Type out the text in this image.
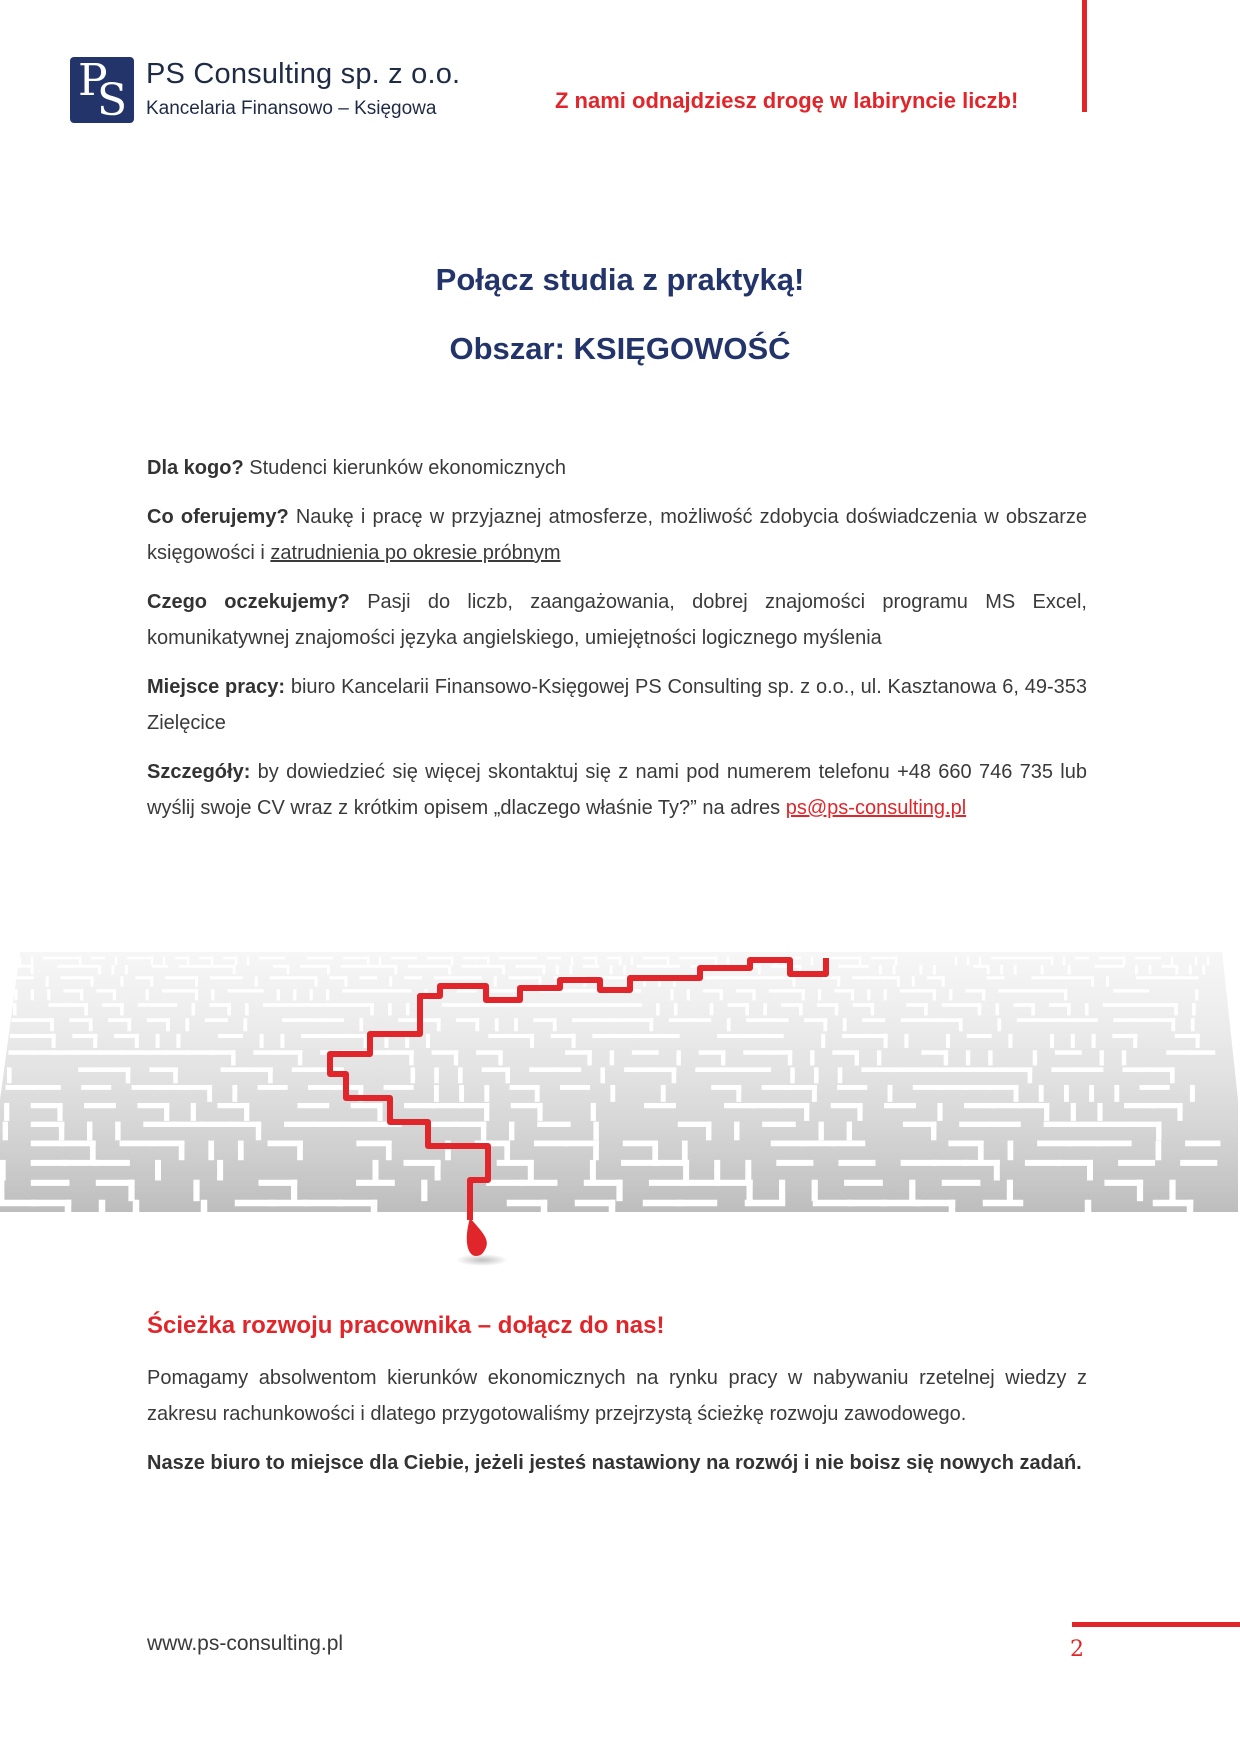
P
S
PS Consulting sp. z o.o.
Kancelaria Finansowo – Księgowa	Z nami odnajdziesz drogę w labiryncie liczb!
Połącz studia z praktyką!
Obszar: KSIĘGOWOŚĆ

Dla kogo? Studenci kierunków ekonomicznych

Co oferujemy? Naukę i pracę w przyjaznej atmosferze, możliwość zdobycia doświadczenia w obszarze księgowości i zatrudnienia po okresie próbnym

Czego oczekujemy? Pasji do liczb, zaangażowania, dobrej znajomości programu MS Excel, komunikatywnej znajomości języka angielskiego, umiejętności logicznego myślenia

Miejsce pracy: biuro Kancelarii Finansowo-Księgowej PS Consulting sp. z o.o., ul. Kasztanowa 6, 49-353 Zielęcice

Szczegóły: by dowiedzieć się więcej skontaktuj się z nami pod numerem telefonu +48 660 746 735 lub wyślij swoje CV wraz z krótkim opisem „dlaczego właśnie Ty?” na adres ps@ps-consulting.pl

Ścieżka rozwoju pracownika – dołącz do nas!

Pomagamy absolwentom kierunków ekonomicznych na rynku pracy w nabywaniu rzetelnej wiedzy z zakresu rachunkowości i dlatego przygotowaliśmy przejrzystą ścieżkę rozwoju zawodowego.

Nasze biuro to miejsce dla Ciebie, jeżeli jesteś nastawiony na rozwój i nie boisz się nowych zadań.

www.ps-consulting.pl	2
